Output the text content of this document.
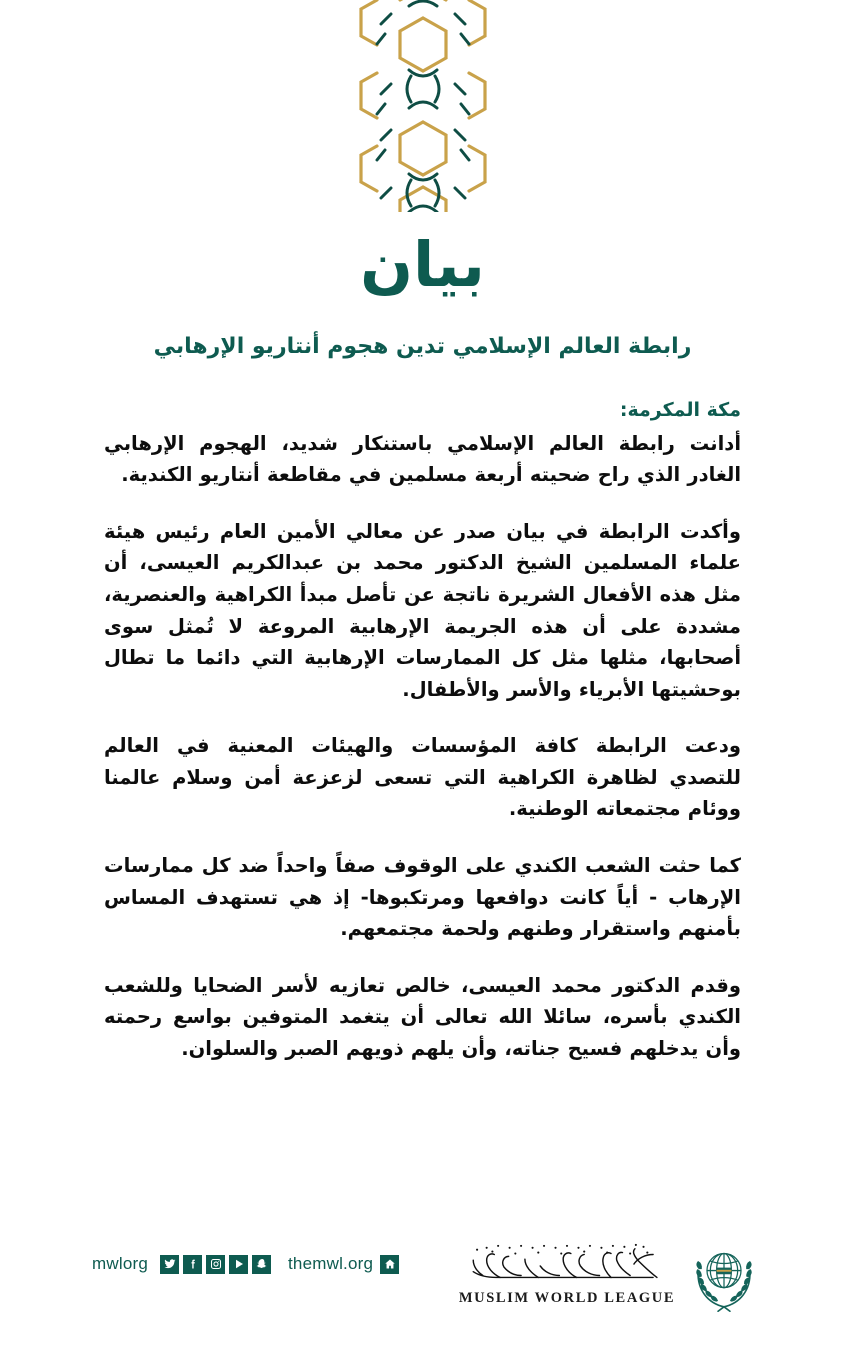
بيان
رابطة العالم الإسلامي تدين هجوم أنتاريو الإرهابي
مكة المكرمة:

أدانت رابطة العالم الإسلامي باستنكار شديد، الهجوم الإرهابي الغادر الذي راح ضحيته أربعة مسلمين في مقاطعة أنتاريو الكندية.

وأكدت الرابطة في بيان صدر عن معالي الأمين العام رئيس هيئة علماء المسلمين الشيخ الدكتور محمد بن عبدالكريم العيسى، أن مثل هذه الأفعال الشريرة ناتجة عن تأصل مبدأ الكراهية والعنصرية، مشددة على أن هذه الجريمة الإرهابية المروعة لا تُمثل سوى أصحابها، مثلها مثل كل الممارسات الإرهابية التي دائما ما تطال بوحشيتها الأبرياء والأسر والأطفال.

ودعت الرابطة كافة المؤسسات والهيئات المعنية في العالم للتصدي لظاهرة الكراهية التي تسعى لزعزعة أمن وسلام عالمنا ووئام مجتمعاته الوطنية.

كما حثت الشعب الكندي على الوقوف صفاً واحداً ضد كل ممارسات الإرهاب - أياً كانت دوافعها ومرتكبوها- إذ هي تستهدف المساس بأمنهم واستقرار وطنهم ولحمة مجتمعهم.

وقدم الدكتور محمد العيسى، خالص تعازيه لأسر الضحايا وللشعب الكندي بأسره، سائلا الله تعالى أن يتغمد المتوفين بواسع رحمته وأن يدخلهم فسيح جناته، وأن يلهم ذويهم الصبر والسلوان.

mwlorg	themwl.org
MUSLIM WORLD LEAGUE
